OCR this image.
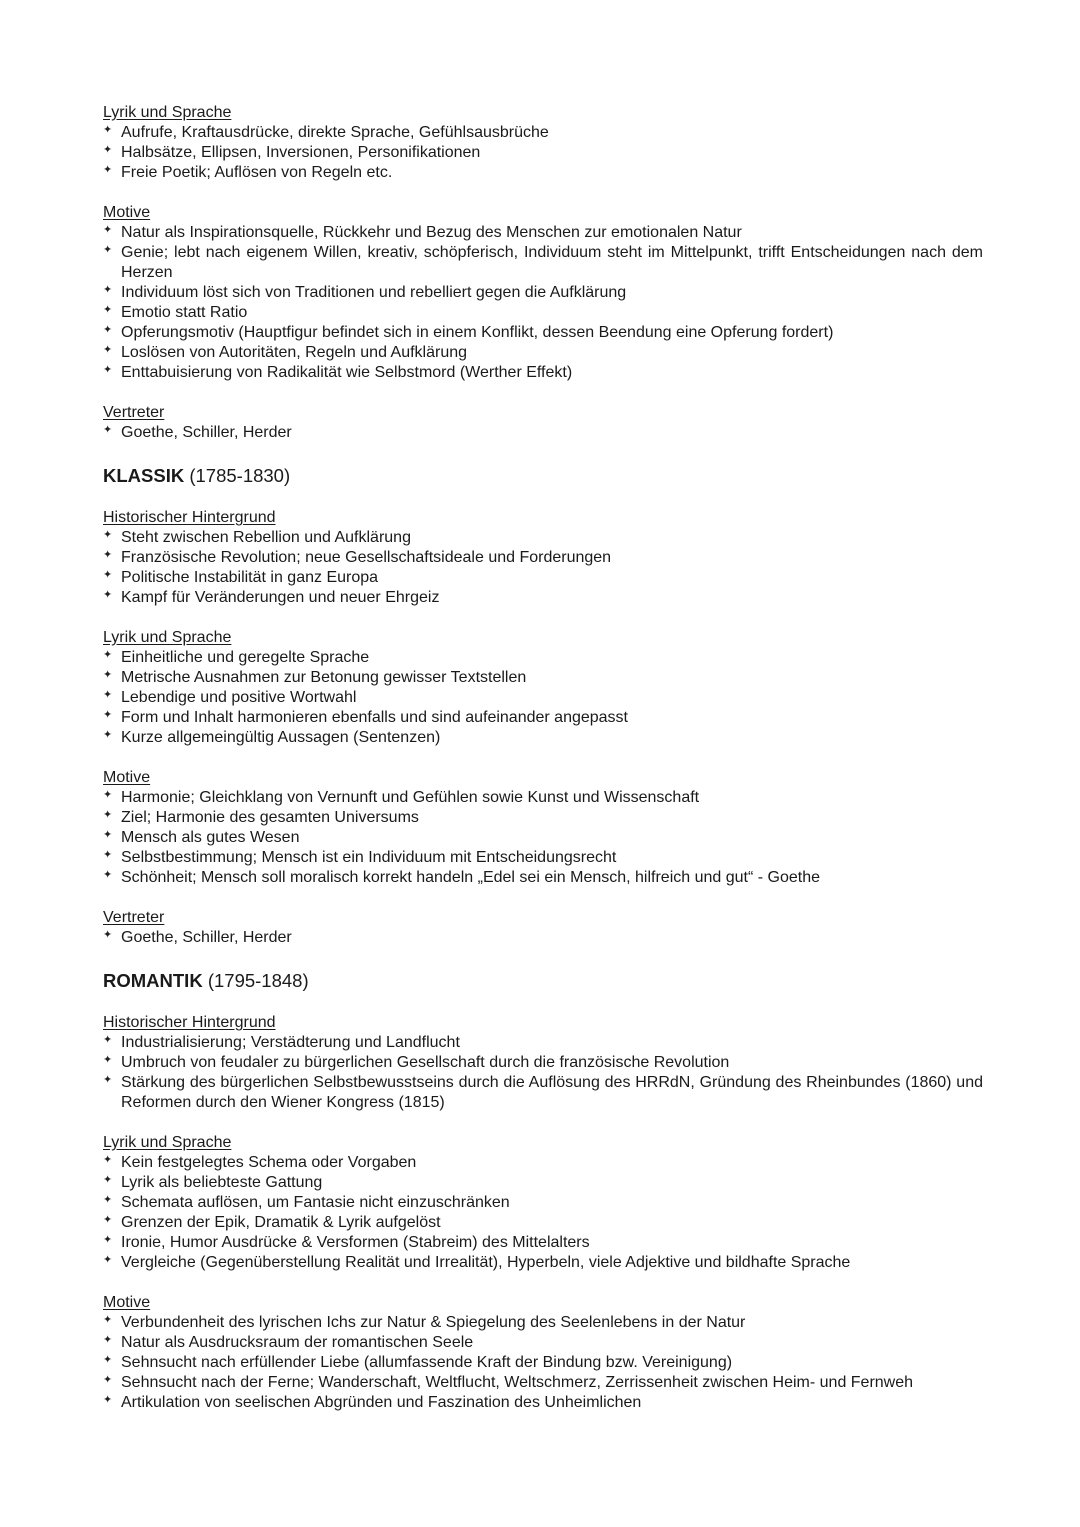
Lyrik und Sprache
✦ Aufrufe, Kraftausdrücke, direkte Sprache, Gefühlsausbrüche
✦ Halbsätze, Ellipsen, Inversionen, Personifikationen
✦ Freie Poetik; Auflösen von Regeln etc.
Motive
✦ Natur als Inspirationsquelle, Rückkehr und Bezug des Menschen zur emotionalen Natur
✦ Genie; lebt nach eigenem Willen, kreativ, schöpferisch, Individuum steht im Mittelpunkt, trifft Entscheidungen nach dem Herzen
✦ Individuum löst sich von Traditionen und rebelliert gegen die Aufklärung
✦ Emotio statt Ratio
✦ Opferungsmotiv (Hauptfigur befindet sich in einem Konflikt, dessen Beendung eine Opferung fordert)
✦ Loslösen von Autoritäten, Regeln und Aufklärung
✦ Enttabuisierung von Radikalität wie Selbstmord (Werther Effekt)
Vertreter
✦ Goethe, Schiller, Herder
KLASSIK (1785-1830)
Historischer Hintergrund
✦ Steht zwischen Rebellion und Aufklärung
✦ Französische Revolution; neue Gesellschaftsideale und Forderungen
✦ Politische Instabilität in ganz Europa
✦ Kampf für Veränderungen und neuer Ehrgeiz
Lyrik und Sprache
✦ Einheitliche und geregelte Sprache
✦ Metrische Ausnahmen zur Betonung gewisser Textstellen
✦ Lebendige und positive Wortwahl
✦ Form und Inhalt harmonieren ebenfalls und sind aufeinander angepasst
✦ Kurze allgemeingültig Aussagen (Sentenzen)
Motive
✦ Harmonie; Gleichklang von Vernunft und Gefühlen sowie Kunst und Wissenschaft
✦ Ziel; Harmonie des gesamten Universums
✦ Mensch als gutes Wesen
✦ Selbstbestimmung; Mensch ist ein Individuum mit Entscheidungsrecht
✦ Schönheit; Mensch soll moralisch korrekt handeln „Edel sei ein Mensch, hilfreich und gut“ - Goethe
Vertreter
✦ Goethe, Schiller, Herder
ROMANTIK (1795-1848)
Historischer Hintergrund
✦ Industrialisierung; Verstädterung und Landflucht
✦ Umbruch von feudaler zu bürgerlichen Gesellschaft durch die französische Revolution
✦ Stärkung des bürgerlichen Selbstbewusstseins durch die Auflösung des HRRdN, Gründung des Rheinbundes (1860) und Reformen durch den Wiener Kongress (1815)
Lyrik und Sprache
✦ Kein festgelegtes Schema oder Vorgaben
✦ Lyrik als beliebteste Gattung
✦ Schemata auflösen, um Fantasie nicht einzuschränken
✦ Grenzen der Epik, Dramatik & Lyrik aufgelöst
✦ Ironie, Humor Ausdrücke & Versformen (Stabreim) des Mittelalters
✦ Vergleiche (Gegenüberstellung Realität und Irrealität), Hyperbeln, viele Adjektive und bildhafte Sprache
Motive
✦ Verbundenheit des lyrischen Ichs zur Natur & Spiegelung des Seelenlebens in der Natur
✦ Natur als Ausdrucksraum der romantischen Seele
✦ Sehnsucht nach erfüllender Liebe (allumfassende Kraft der Bindung bzw. Vereinigung)
✦ Sehnsucht nach der Ferne; Wanderschaft, Weltflucht, Weltschmerz, Zerrissenheit zwischen Heim- und Fernweh
✦ Artikulation von seelischen Abgründen und Faszination des Unheimlichen
